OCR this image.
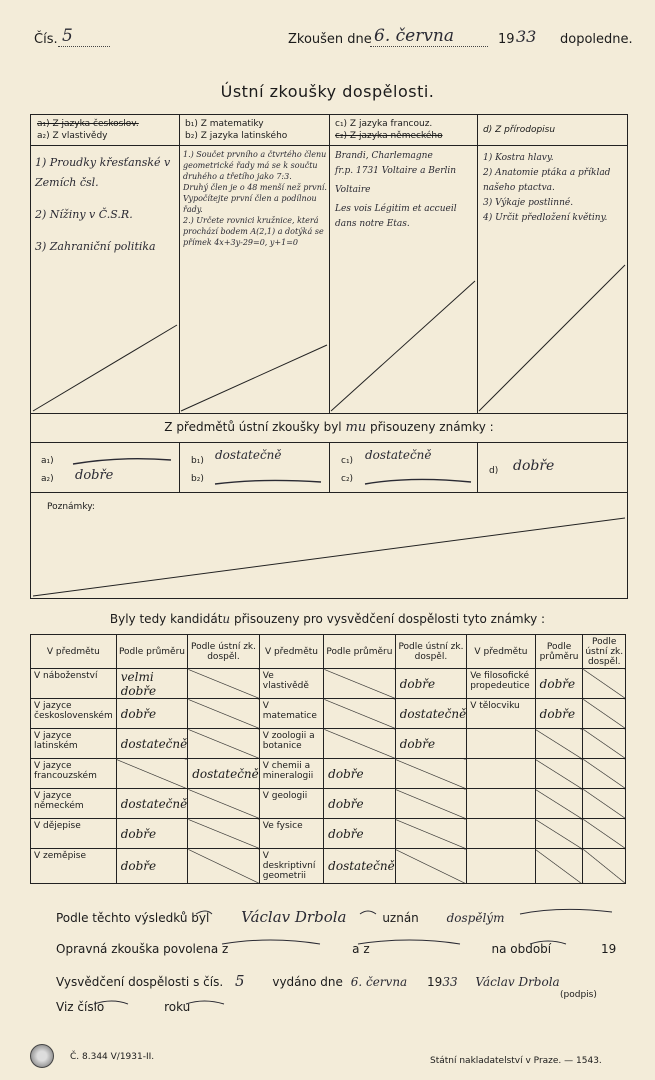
Čís. 5	Zkoušen dne 6. června	19 33 dopoledne.
Ústní zkoušky dospělosti.
a₁) Z jazyka českoslov.
a₂) Z vlastivědy
b₁) Z matematiky
b₂) Z jazyka latinského
c₁) Z jazyka francouz.
c₂) Z jazyka německého
d) Z přírodopisu
1) Proudky křesťanské v Zemích čsl.
2) Nížiny v Č.S.R.
3) Zahraniční politika
1.) Součet prvního a čtvrtého členu geometrické řady má se k součtu druhého a třetího jako 7:3.
Druhý člen je o 48 menší než první. Vypočítejte první člen a podílnou řady.
2.) Určete rovnici kružnice, která prochází bodem A(2,1) a dotýká se přímek 4x+3y-29=0, y+1=0
Brandi, Charlemagne
fr.p. 1731 Voltaire a Berlin
Voltaire
Les vois Légitim et accueil dans notre Etas.
1) Kostra hlavy.
2) Anatomie ptáka a příklad našeho ptactva.
3) Výkaje postlinné.
4) Určit předložení květiny.
Z předmětů ústní zkoušky byl mu přisouzeny známky :
a₁)
a₂) dobře
b₁) dostatečně
b₂)
c₁) dostatečně
c₂)
d) dobře
Poznámky:
Byly tedy kandidátu přisouzeny pro vysvědčení dospělosti tyto známky :
V předmětu	Podle průměru	Podle ústní zk. dospěl.	V předmětu	Podle průměru	Podle ústní zk. dospěl.	V předmětu	Podle průměru	Podle ústní zk. dospěl.
V náboženství	velmi dobře		Ve vlastivědě		dobře	Ve filosofické propedeutice	dobře	
V jazyce československém	dobře		V matematice		dostatečně	V tělocviku	dobře	
V jazyce latinském	dostatečně		V zoologii a botanice		dobře			
V jazyce francouzském		dostatečně	V chemii a mineralogii	dobře				
V jazyce německém	dostatečně		V geologii	dobře				
V dějepise	dobře		Ve fysice	dobře				
V zeměpise	dobře		V deskriptivní geometrii	dostatečně				
Podle těchto výsledků byl Václav Drbola	uznán dospělým
Opravná zkouška povolena z	a z	na období	19
Vysvědčení dospělosti s čís. 5 vydáno dne 6. června 1933 Václav Drbola
(podpis)
Viz číslo	roku
Č. 8.344 V/1931-II.	Státní nakladatelství v Praze. — 1543.
